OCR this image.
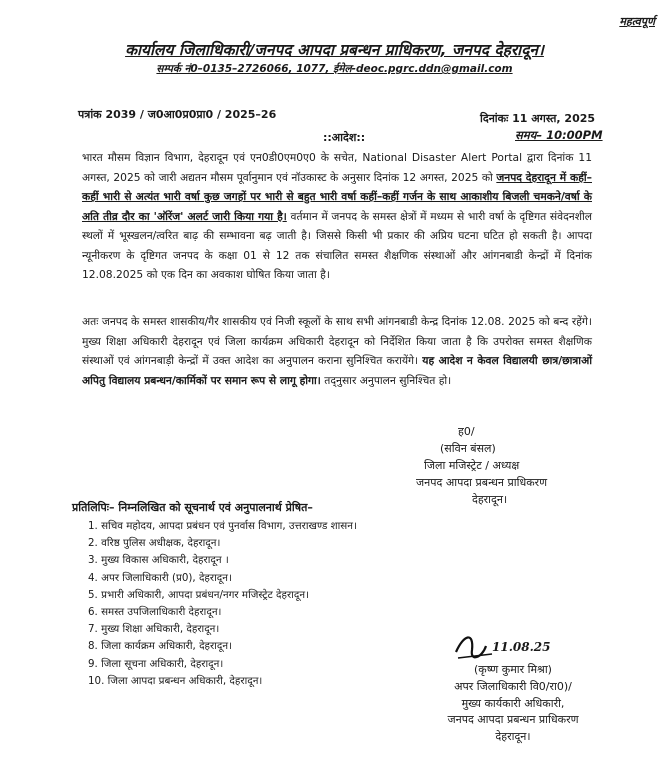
महत्वपूर्ण
कार्यालय जिलाधिकारी/जनपद आपदा प्रबन्धन प्राधिकरण, जनपद देहरादून।
सम्पर्क नं0–0135–2726066, 1077, ईमेल-deoc.pgrc.ddn@gmail.com
पत्रांक 2039 / ज0आ0प्र0प्रा0 / 2025–26	दिनांकः 11 अगस्त, 2025
::आदेश::	समय– 10:00PM
भारत मौसम विज्ञान विभाग, देहरादून एवं एन0डी0एम0ए0 के सचेत, National Disaster Alert Portal द्वारा दिनांक 11 अगस्त, 2025 को जारी अद्यतन मौसम पूर्वानुमान एवं नॉउकास्ट के अनुसार दिनांक 12 अगस्त, 2025 को जनपद देहरादून में कहीं–कहीं भारी से अत्यंत भारी वर्षा कुछ जगहों पर भारी से बहुत भारी वर्षा कहीं–कहीं गर्जन के साथ आकाशीय बिजली चमकने/वर्षा के अति तीव्र दौर का 'ऑरेंज' अलर्ट जारी किया गया है। वर्तमान में जनपद के समस्त क्षेत्रों में मध्यम से भारी वर्षा के दृष्टिगत संवेदनशील स्थलों में भूस्खलन/त्वरित बाढ़ की सम्भावना बढ़ जाती है। जिससे किसी भी प्रकार की अप्रिय घटना घटित हो सकती है। आपदा न्यूनीकरण के दृष्टिगत जनपद के कक्षा 01 से 12 तक संचालित समस्त शैक्षणिक संस्थाओं और आंगनबाडी केन्द्रों में दिनांक 12.08.2025 को एक दिन का अवकाश घोषित किया जाता है।
अतः जनपद के समस्त शासकीय/गैर शासकीय एवं निजी स्कूलों के साथ सभी आंगनबाडी केन्द्र दिनांक 12.08. 2025 को बन्द रहेंगे। मुख्य शिक्षा अधिकारी देहरादून एवं जिला कार्यक्रम अधिकारी देहरादून को निर्देशित किया जाता है कि उपरोक्त समस्त शैक्षणिक संस्थाओं एवं आंगनबाड़ी केन्द्रों में उक्त आदेश का अनुपालन कराना सुनिश्चित करायेंगे। यह आदेश न केवल विद्यालयी छात्र/छात्राओं अपितु विद्यालय प्रबन्धन/कार्मिकों पर समान रूप से लागू होगा। तद्नुसार अनुपालन सुनिश्चित हो।
ह0/
(सविन बंसल)
जिला मजिस्ट्रेट / अध्यक्ष
जनपद आपदा प्रबन्धन प्राधिकरण
देहरादून।
प्रतिलिपिः– निम्नलिखित को सूचनार्थ एवं अनुपालनार्थ प्रेषित–
1. सचिव महोदय, आपदा प्रबंधन एवं पुनर्वास विभाग, उत्तराखण्ड शासन।
2. वरिष्ठ पुलिस अधीक्षक, देहरादून।
3. मुख्य विकास अधिकारी, देहरादून ।
4. अपर जिलाधिकारी (प्र0), देहरादून।
5. प्रभारी अधिकारी, आपदा प्रबंधन/नगर मजिस्ट्रेट देहरादून।
6. समस्त उपजिलाधिकारी देहरादून।
7. मुख्य शिक्षा अधिकारी, देहरादून।
8. जिला कार्यक्रम अधिकारी, देहरादून।
9. जिला सूचना अधिकारी, देहरादून।
10. जिला आपदा प्रबन्धन अधिकारी, देहरादून।
11.08.25
(कृष्ण कुमार मिश्रा)
अपर जिलाधिकारी वि0/रा0)/
मुख्य कार्यकारी अधिकारी,
जनपद आपदा प्रबन्धन प्राधिकरण
देहरादून।
